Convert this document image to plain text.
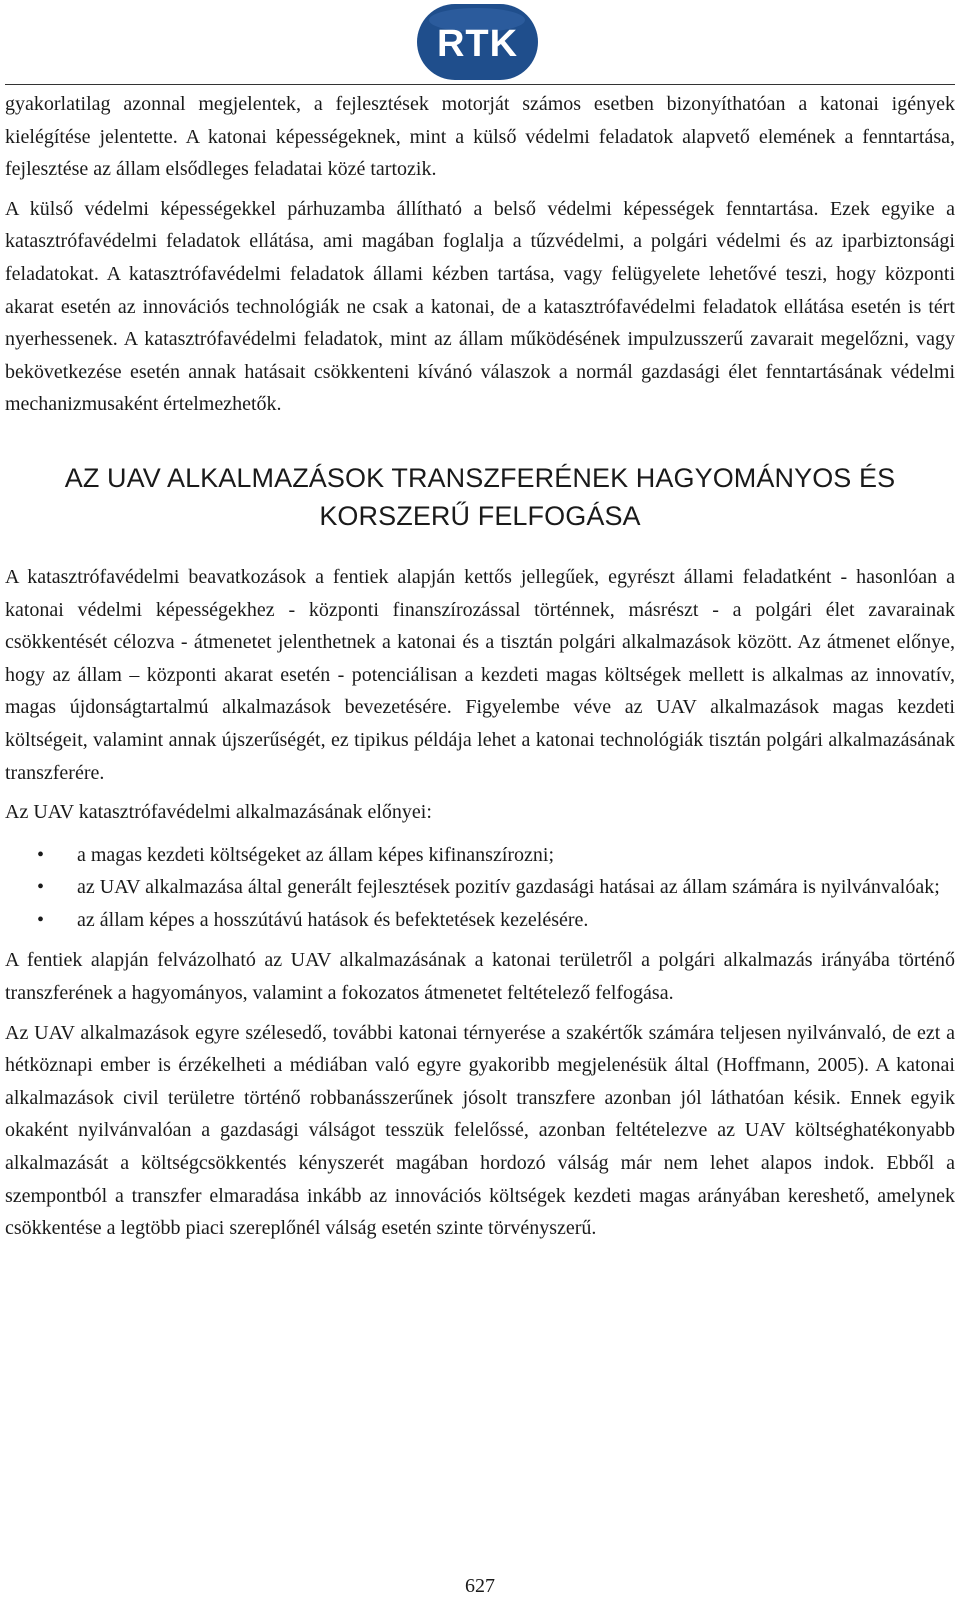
RTK

gyakorlatilag azonnal megjelentek, a fejlesztések motorját számos esetben bizonyíthatóan a katonai igények kielégítése jelentette. A katonai képességeknek, mint a külső védelmi feladatok alapvető elemének a fenntartása, fejlesztése az állam elsődleges feladatai közé tartozik.

A külső védelmi képességekkel párhuzamba állítható a belső védelmi képességek fenntartása. Ezek egyike a katasztrófavédelmi feladatok ellátása, ami magában foglalja a tűzvédelmi, a polgári védelmi és az iparbiztonsági feladatokat. A katasztrófavédelmi feladatok állami kézben tartása, vagy felügyelete lehetővé teszi, hogy központi akarat esetén az innovációs technológiák ne csak a katonai, de a katasztrófavédelmi feladatok ellátása esetén is tért nyerhessenek. A katasztrófavédelmi feladatok, mint az állam működésének impulzusszerű zavarait megelőzni, vagy bekövetkezése esetén annak hatásait csökkenteni kívánó válaszok a normál gazdasági élet fenntartásának védelmi mechanizmusaként értelmezhetők.

AZ UAV ALKALMAZÁSOK TRANSZFERÉNEK HAGYOMÁNYOS ÉS KORSZERŰ FELFOGÁSA

A katasztrófavédelmi beavatkozások a fentiek alapján kettős jellegűek, egyrészt állami feladatként - hasonlóan a katonai védelmi képességekhez - központi finanszírozással történnek, másrészt - a polgári élet zavarainak csökkentését célozva - átmenetet jelenthetnek a katonai és a tisztán polgári alkalmazások között. Az átmenet előnye, hogy az állam – központi akarat esetén - potenciálisan a kezdeti magas költségek mellett is alkalmas az innovatív, magas újdonságtartalmú alkalmazások bevezetésére. Figyelembe véve az UAV alkalmazások magas kezdeti költségeit, valamint annak újszerűségét, ez tipikus példája lehet a katonai technológiák tisztán polgári alkalmazásának transzferére.

Az UAV katasztrófavédelmi alkalmazásának előnyei:

• a magas kezdeti költségeket az állam képes kifinanszírozni;
• az UAV alkalmazása által generált fejlesztések pozitív gazdasági hatásai az állam számára is nyilvánvalóak;
• az állam képes a hosszútávú hatások és befektetések kezelésére.

A fentiek alapján felvázolható az UAV alkalmazásának a katonai területről a polgári alkalmazás irányába történő transzferének a hagyományos, valamint a fokozatos átmenetet feltételező felfogása.

Az UAV alkalmazások egyre szélesedő, további katonai térnyerése a szakértők számára teljesen nyilvánvaló, de ezt a hétköznapi ember is érzékelheti a médiában való egyre gyakoribb megjelenésük által (Hoffmann, 2005). A katonai alkalmazások civil területre történő robbanásszerűnek jósolt transzfere azonban jól láthatóan késik. Ennek egyik okaként nyilvánvalóan a gazdasági válságot tesszük felelőssé, azonban feltételezve az UAV költséghatékonyabb alkalmazását a költségcsökkentés kényszerét magában hordozó válság már nem lehet alapos indok. Ebből a szempontból a transzfer elmaradása inkább az innovációs költségek kezdeti magas arányában kereshető, amelynek csökkentése a legtöbb piaci szereplőnél válság esetén szinte törvényszerű.

627
